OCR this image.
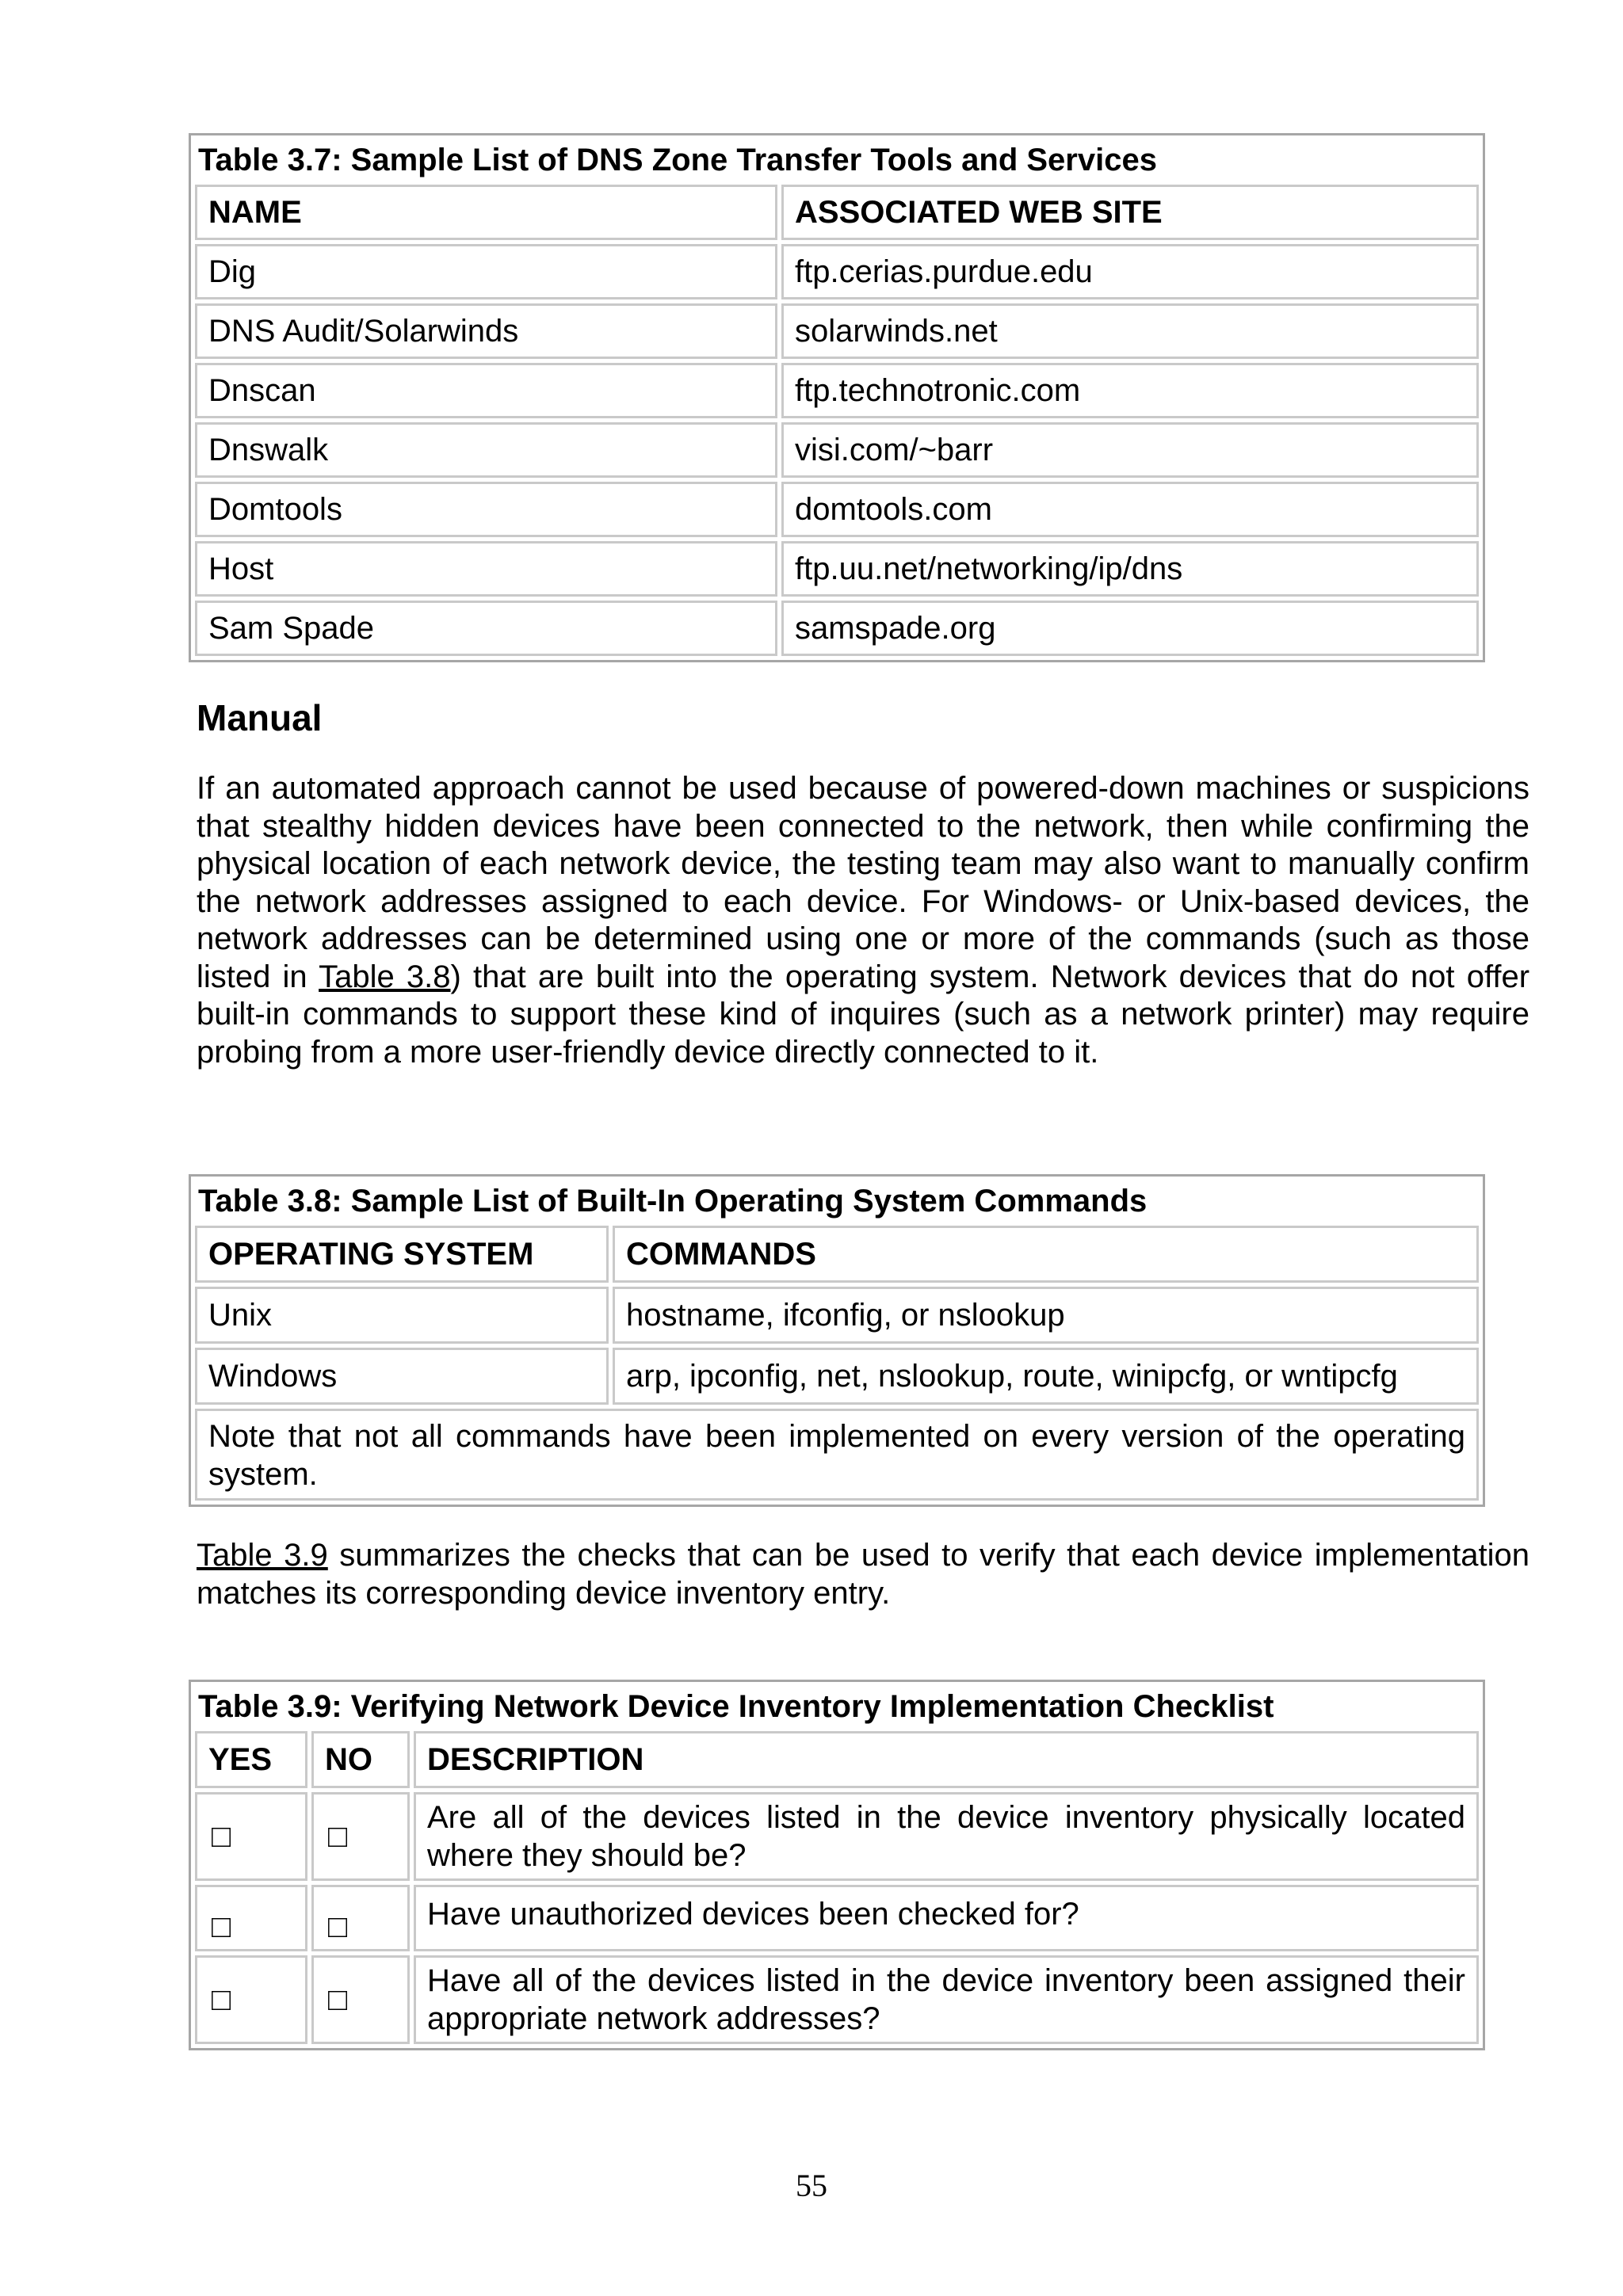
Table 3.7: Sample List of DNS Zone Transfer Tools and Services	
NAME	ASSOCIATED WEB SITE
Dig	ftp.cerias.purdue.edu
DNS Audit/Solarwinds	solarwinds.net
Dnscan	ftp.technotronic.com
Dnswalk	visi.com/~barr
Domtools	domtools.com
Host	ftp.uu.net/networking/ip/dns
Sam Spade	samspade.org
Manual

If an automated approach cannot be used because of powered-down machines or suspicions that stealthy hidden devices have been connected to the network, then while confirming the physical location of each network device, the testing team may also want to manually confirm the network addresses assigned to each device. For Windows- or Unix-based devices, the network addresses can be determined using one or more of the commands (such as those listed in Table 3.8) that are built into the operating system. Network devices that do not offer built-in commands to support these kind of inquires (such as a network printer) may require probing from a more user-friendly device directly connected to it.

Table 3.8: Sample List of Built-In Operating System Commands	
OPERATING SYSTEM	COMMANDS
Unix	hostname, ifconfig, or nslookup
Windows	arp, ipconfig, net, nslookup, route, winipcfg, or wntipcfg
Note that not all commands have been implemented on every version of the operating system.	

Table 3.9 summarizes the checks that can be used to verify that each device implementation matches its corresponding device inventory entry.

Table 3.9: Verifying Network Device Inventory Implementation Checklist		
YES	NO	DESCRIPTION
□	□	Are all of the devices listed in the device inventory physically located where they should be?
□	□	Have unauthorized devices been checked for?
□	□	Have all of the devices listed in the device inventory been assigned their appropriate network addresses?
55
